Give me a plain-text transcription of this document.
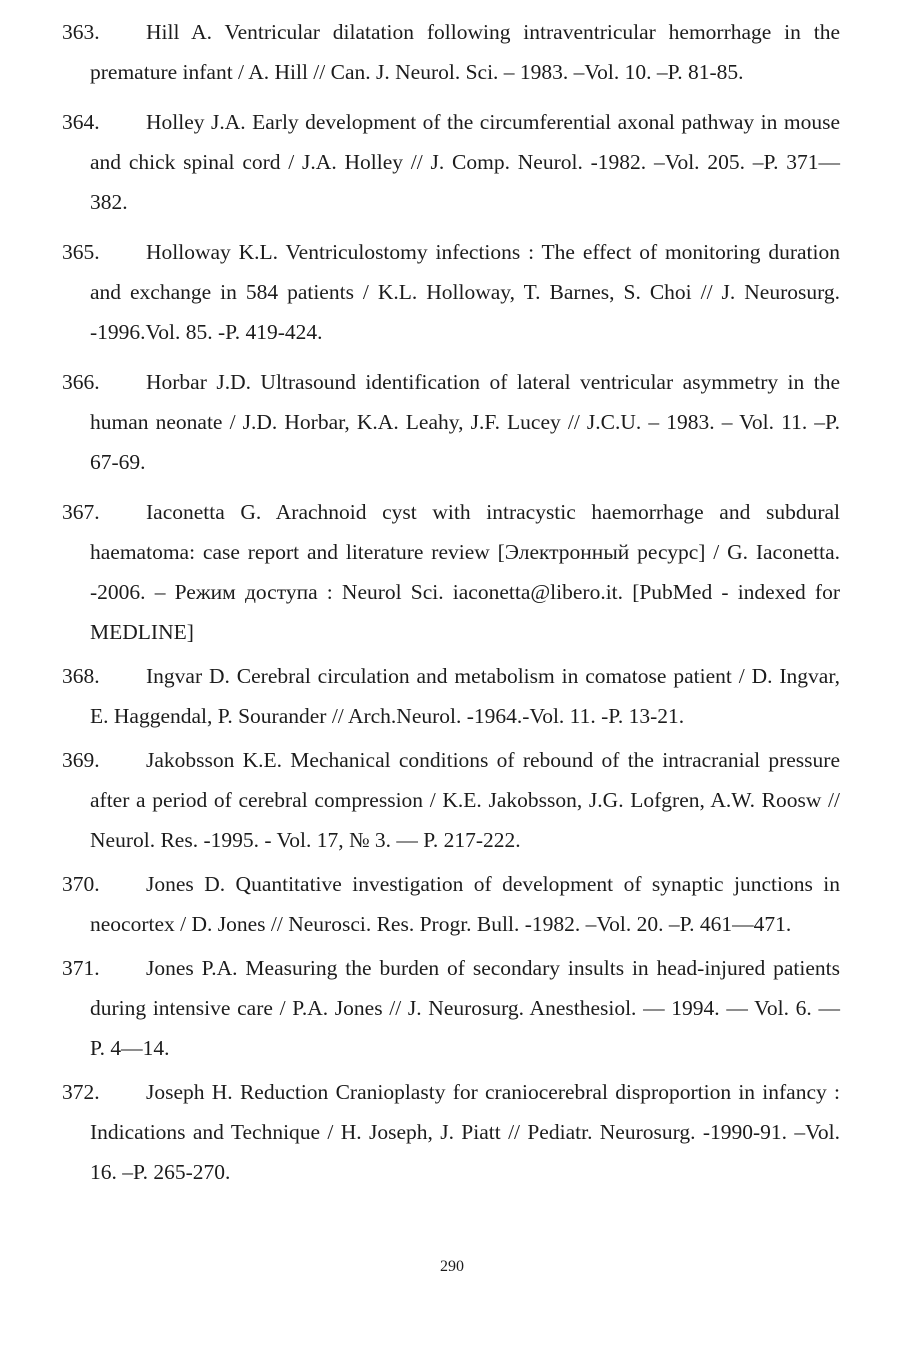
363. Hill A. Ventricular dilatation following intraventricular hemorrhage in the premature infant / A. Hill // Can. J. Neurol. Sci. – 1983. –Vol. 10. –P. 81-85.
364. Holley J.A. Early development of the circumferential axonal pathway in mouse and chick spinal cord / J.A. Holley // J. Comp. Neurol. -1982. –Vol. 205. –P. 371—382.
365. Holloway K.L. Ventriculostomy infections : The effect of monitoring duration and exchange in 584 patients / K.L. Holloway, T. Barnes, S. Choi // J. Neurosurg. -1996.Vol. 85. -P. 419-424.
366. Horbar J.D. Ultrasound identification of lateral ventricular asymmetry in the human neonate / J.D. Horbar, K.A. Leahy, J.F. Lucey // J.C.U. – 1983. – Vol. 11. –P. 67-69.
367. Iaconetta G. Arachnoid cyst with intracystic haemorrhage and subdural haematoma: case report and literature review [Электронный ресурс] / G. Iaconetta. -2006. – Режим доступа : Neurol Sci. iaconetta@libero.it. [PubMed - indexed for MEDLINE]
368. Ingvar D. Cerebral circulation and metabolism in comatose patient / D. Ingvar, E. Haggendal, P. Sourander // Arch.Neurol. -1964.-Vol. 11. -P. 13-21.
369. Jakobsson K.E. Mechanical conditions of rebound of the intracranial pressure after a period of cerebral compression / K.E. Jakobsson, J.G. Lofgren, A.W. Roosw // Neurol. Res. -1995. - Vol. 17, № 3. — P. 217-222.
370. Jones D. Quantitative investigation of development of synaptic junctions in neocortex / D. Jones // Neurosci. Res. Progr. Bull. -1982. –Vol. 20. –P. 461—471.
371. Jones P.A. Measuring the burden of secondary insults in head-injured patients during intensive care / P.A. Jones // J. Neurosurg. Anesthesiol. — 1994. — Vol. 6. — P. 4—14.
372. Joseph H. Reduction Cranioplasty for craniocerebral disproportion in infancy : Indications and Technique / H. Joseph, J. Piatt // Pediatr. Neurosurg. -1990-91. –Vol. 16. –P. 265-270.
290
